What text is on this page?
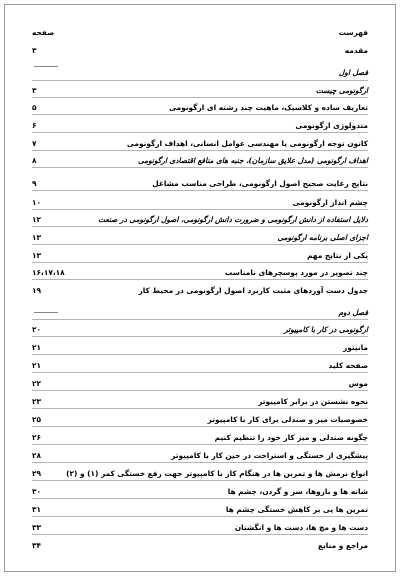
فهرست
صفحه
مقدمه
۳
فصل اول
ارگونومی چیست
۳
تعاریف ساده و کلاسیک، ماهیت چند رشته ای ارگونومی
۵
متدولوژی ارگونومی
۶
کانون توجه ارگونومی یا مهندسی عوامل انسانی، اهداف ارگونومی
۷
اهداف ارگونومی (مدل علایق سازمان)، جنبه های منافع اقتصادی ارگونومی
۸
نتایج رعایت صحیح اصول ارگونومی، طراحی مناسب مشاغل
۹
چشم انداز ارگونومی
۱۰
دلایل استفاده از دانش ارگونومی و ضرورت دانش ارگونومی، اصول ارگونومی در صنعت
۱۲
اجزای اصلی برنامه ارگونومی
۱۳
یکی از نتایج مهم
۱۳
چند تصویر در مورد پوسچرهای نامناسب
۱۶،۱۷،۱۸
جدول دست آوردهای مثبت کاربرد اصول ارگونومی در محیط کار
۱۹
فصل دوم
ارگونومی در کار با کامپیوتر
۲۰
مانیتور
۲۱
صفحه کلید
۲۱
موس
۲۲
نحوه نشستن در برابر کامپیوتر
۲۳
خصوصیات میز و صندلی برای کار با کامپیوتر
۲۵
چگونه صندلی و میز کار خود را تنظیم کنیم
۲۶
پیشگیری از خستگی و استراحت در حین کار با کامپیوتر
۲۸
انواع نرمش ها و تمرین ها در هنگام کار با کامپیوتر جهت رفع خستگی کمر (۱) و (۲)
۲۹
شانه ها و بازوها، سر و گردن، چشم ها
۳۰
تمرین ها پی بر کاهش خستگی چشم ها
۳۱
دست ها و مچ ها، دست ها و انگشتان
۳۳
مراجع و منابع
۳۴
